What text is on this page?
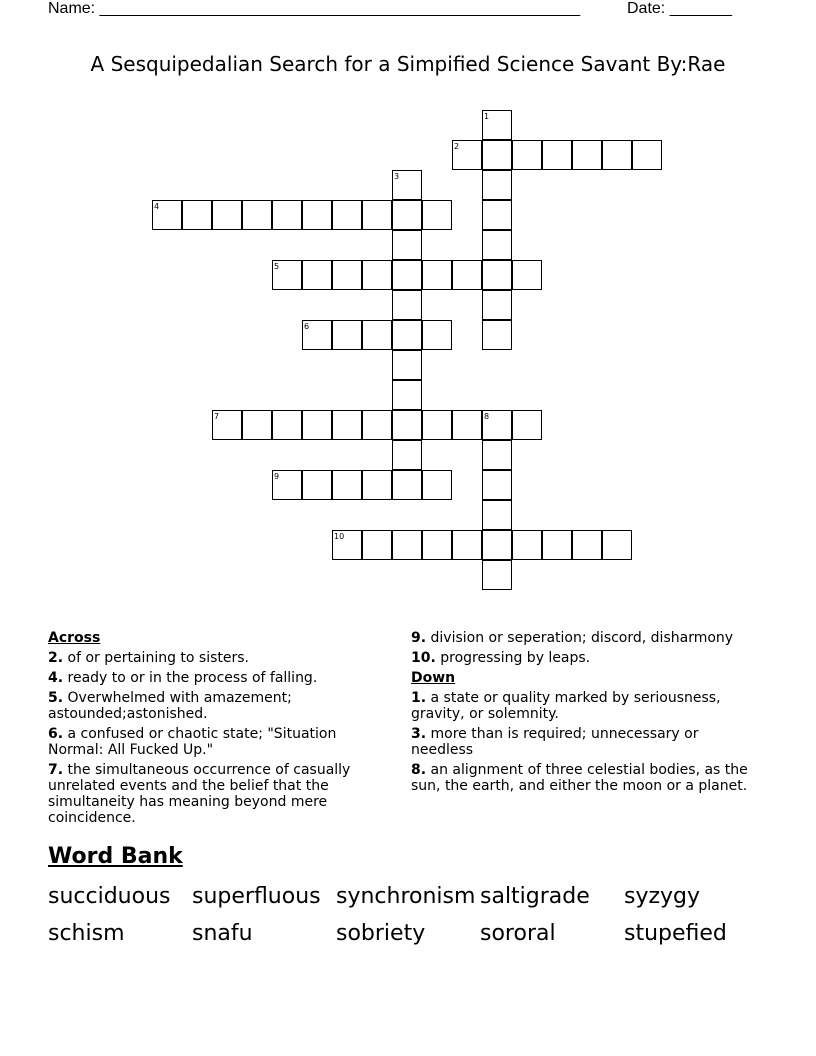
Name: ______________________________________________________	Date: _______
A Sesquipedalian Search for a Simpified Science Savant By:Rae
1
2
3
4
5
6
7	8
9
10
Across
2. of or pertaining to sisters.
4. ready to or in the process of falling.
5. Overwhelmed with amazement; astounded;astonished.
6. a confused or chaotic state; "Situation Normal: All Fucked Up."
7. the simultaneous occurrence of casually unrelated events and the belief that the simultaneity has meaning beyond mere coincidence.
9. division or seperation; discord, disharmony
10. progressing by leaps.
Down
1. a state or quality marked by seriousness, gravity, or solemnity.
3. more than is required; unnecessary or needless
8. an alignment of three celestial bodies, as the sun, the earth, and either the moon or a planet.
Word Bank
succiduous superfluous synchronism saltigrade syzygy
schism	snafu	sobriety sororal	stupefied
